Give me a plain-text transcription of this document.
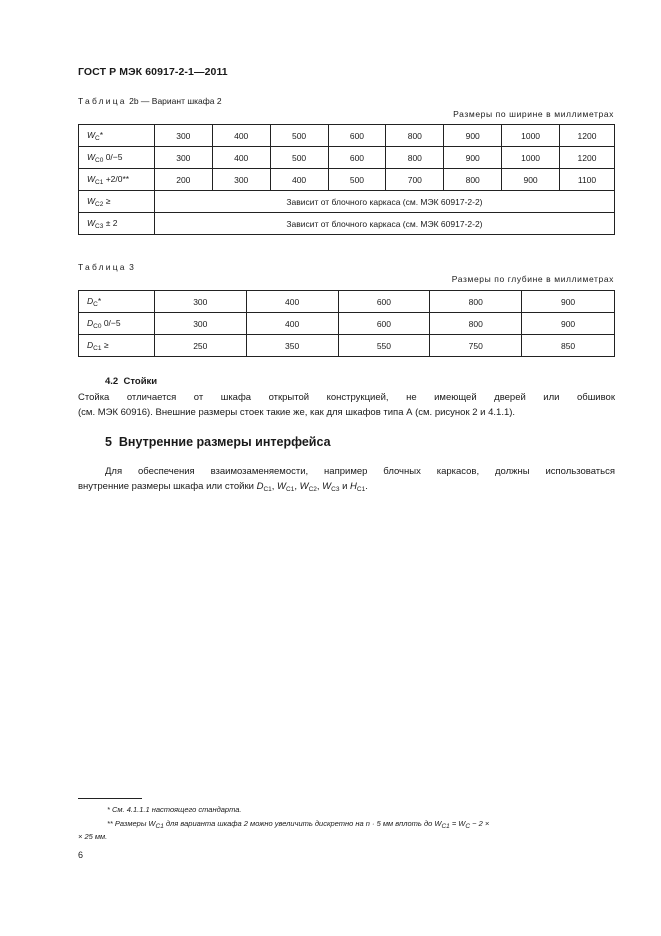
ГОСТ Р МЭК 60917-2-1—2011
Таблица 2b — Вариант шкафа 2
Размеры по ширине в миллиметрах
$W_C*$	300	400	500	600	800	900	1000	1200
$W_{C0}$ 0/−5	300	400	500	600	800	900	1000	1200
$W_{C1} +2/0**$	200	300	400	500	700	800	900	1100
$W_{C2}$ ≥	Зависит от блочного каркаса (см. МЭК 60917-2-2)							
$W_{C3} \pm 2$	Зависит от блочного каркаса (см. МЭК 60917-2-2)							
Таблица 3
Размеры по глубине в миллиметрах
$D_C*$	300	400	600	800	900
$D_{C0}$ 0/−5	300	400	600	800	900
$D_{C1}$ ≥	250	350	550	750	850
4.2 Стойки
Стойка отличается от шкафа открытой конструкцией, не имеющей дверей или обшивок
(см. МЭК 60916). Внешние размеры стоек такие же, как для шкафов типа А (см. рисунок 2 и 4.1.1).
5 Внутренние размеры интерфейса
Для обеспечения взаимозаменяемости, например блочных каркасов, должны использоваться
внутренние размеры шкафа или стойки $D_{C1}$, $W_{C1}$, $W_{C2}$, $W_{C3}$ и $H_{C1}$.
* См. 4.1.1.1 настоящего стандарта.
** Размеры WC1 для варианта шкафа 2 можно увеличить дискретно на n · 5 мм вплоть до WC1 = WC − 2 ×
× 25 мм.
6
